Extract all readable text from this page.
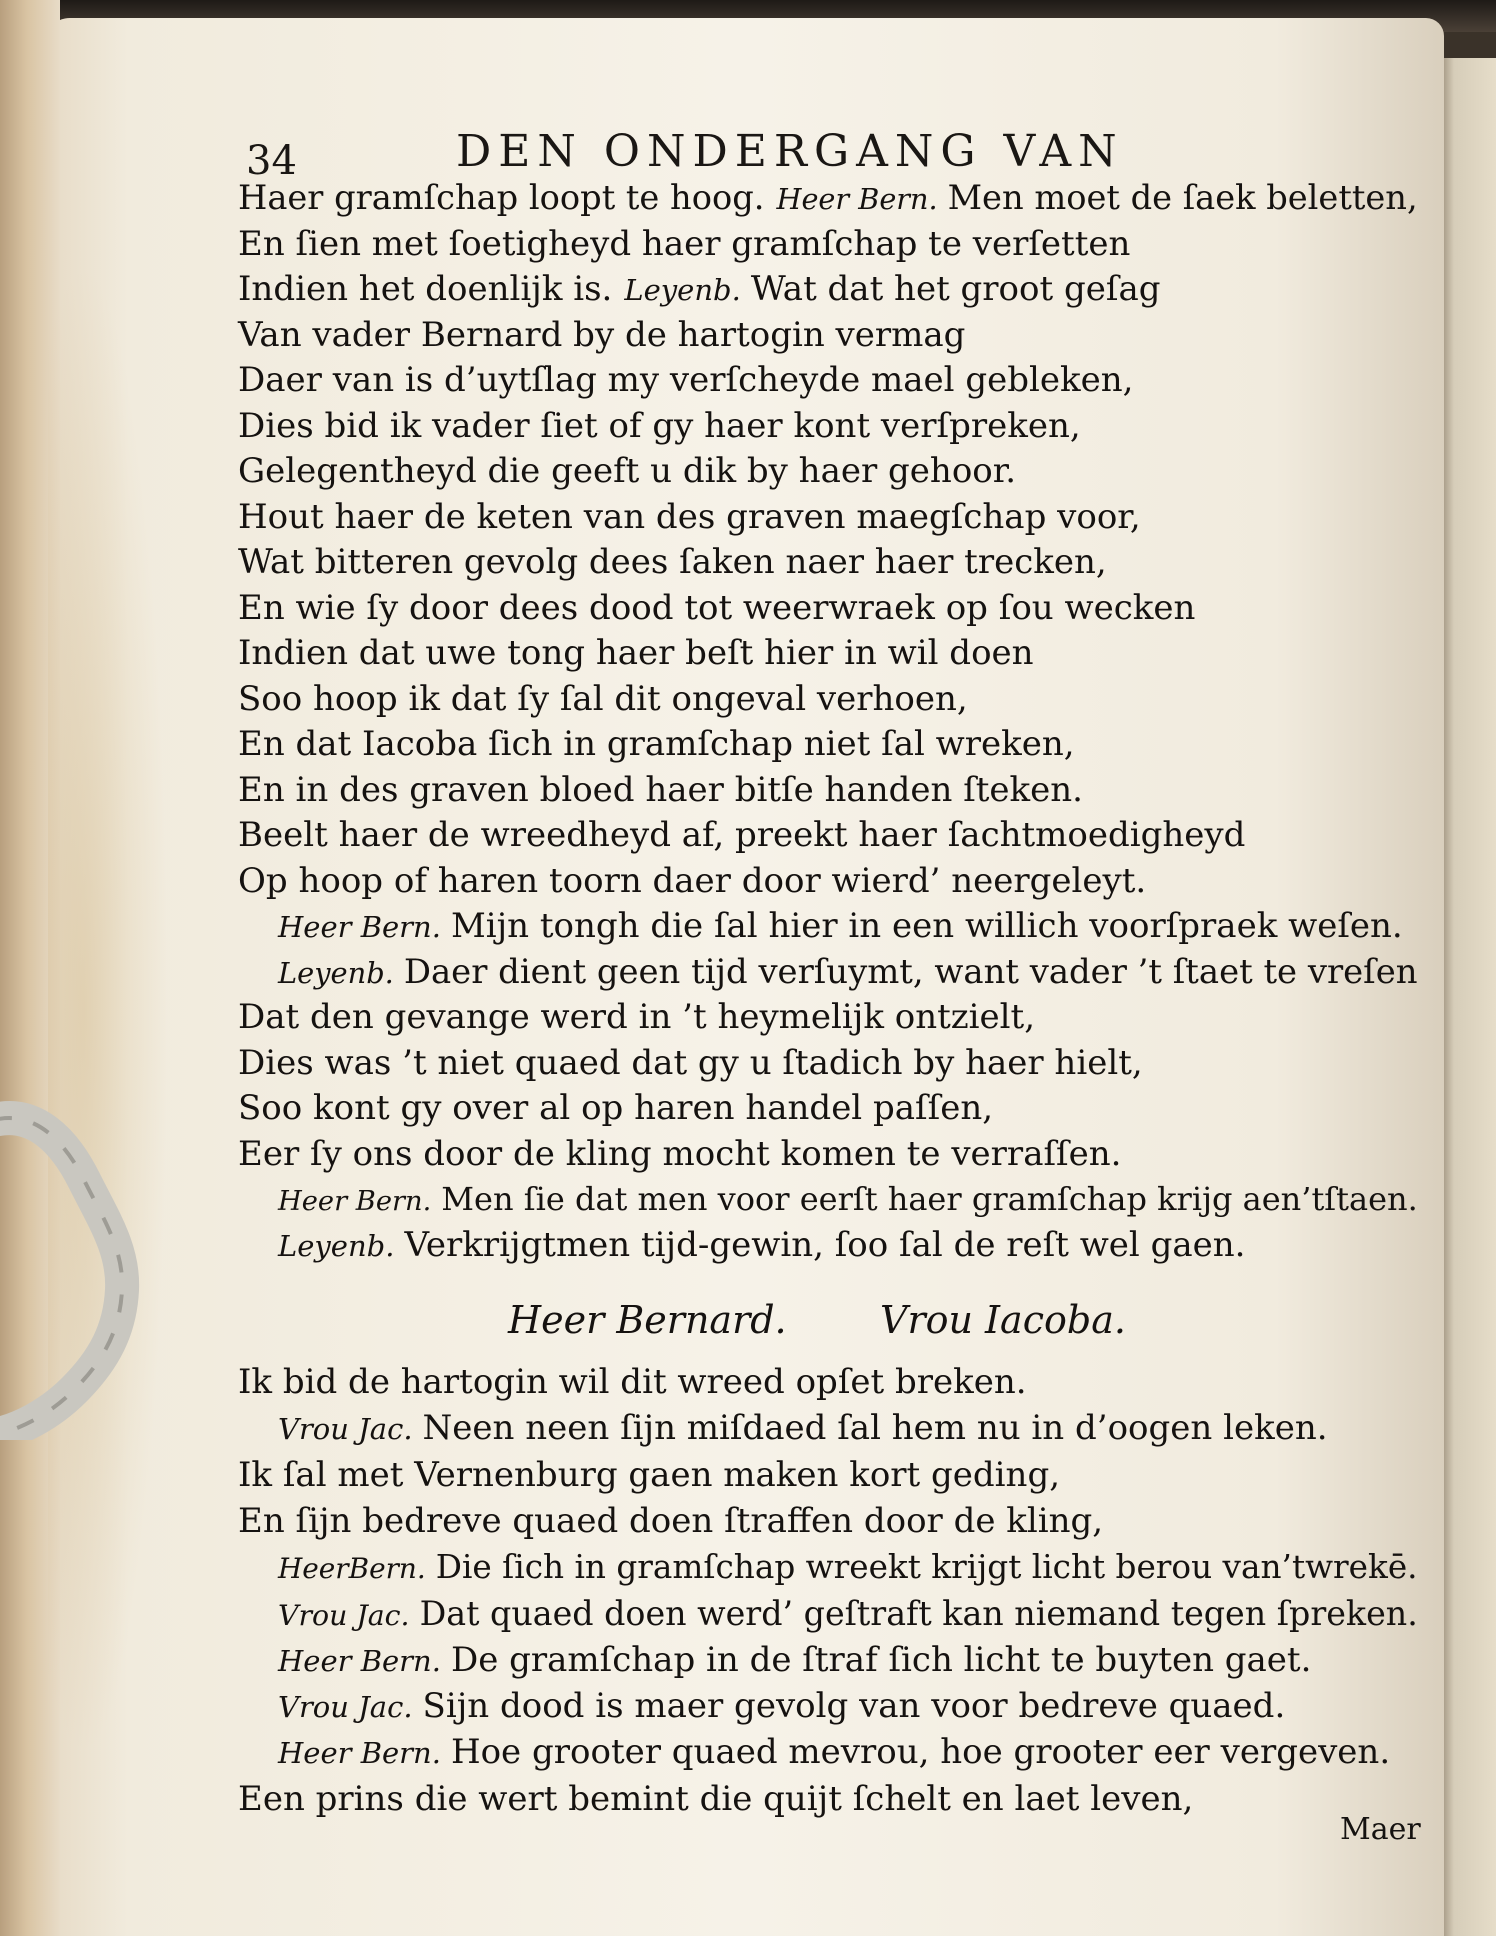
34	DEN ONDERGANG VAN
Haer gramſchap loopt te hoog. Heer Bern. Men moet de ſaek beletten,
En ſien met ſoetigheyd haer gramſchap te verſetten
Indien het doenlijk is. Leyenb. Wat dat het groot geſag
Van vader Bernard by de hartogin vermag
Daer van is d’uytſlag my verſcheyde mael gebleken,
Dies bid ik vader ſiet of gy haer kont verſpreken,
Gelegentheyd die geeft u dik by haer gehoor.
Hout haer de keten van des graven maegſchap voor,
Wat bitteren gevolg dees ſaken naer haer trecken,
En wie ſy door dees dood tot weerwraek op ſou wecken
Indien dat uwe tong haer beſt hier in wil doen
Soo hoop ik dat ſy ſal dit ongeval verhoen,
En dat Iacoba ſich in gramſchap niet ſal wreken,
En in des graven bloed haer bitſe handen ſteken.
Beelt haer de wreedheyd af, preekt haer ſachtmoedigheyd
Op hoop of haren toorn daer door wierd’ neergeleyt.
Heer Bern. Mijn tongh die ſal hier in een willich voorſpraek weſen.
Leyenb. Daer dient geen tijd verſuymt, want vader ’t ſtaet te vreſen
Dat den gevange werd in ’t heymelijk ontzielt,
Dies was ’t niet quaed dat gy u ſtadich by haer hielt,
Soo kont gy over al op haren handel paſſen,
Eer ſy ons door de kling mocht komen te verraſſen.
Heer Bern. Men ſie dat men voor eerſt haer gramſchap krijg aen’tſtaen.
Leyenb. Verkrijgtmen tijd-gewin, ſoo ſal de reſt wel gaen.
Heer Bernard. Vrou Iacoba.
Ik bid de hartogin wil dit wreed opſet breken.
Vrou Jac. Neen neen ſijn miſdaed ſal hem nu in d’oogen leken.
Ik ſal met Vernenburg gaen maken kort geding,
En ſijn bedreve quaed doen ſtraffen door de kling,
HeerBern. Die ſich in gramſchap wreekt krijgt licht berou van’twrekē.
Vrou Jac. Dat quaed doen werd’ geſtraft kan niemand tegen ſpreken.
Heer Bern. De gramſchap in de ſtraf ſich licht te buyten gaet.
Vrou Jac. Sijn dood is maer gevolg van voor bedreve quaed.
Heer Bern. Hoe grooter quaed mevrou, hoe grooter eer vergeven.
Een prins die wert bemint die quijt ſchelt en laet leven,
Maer
